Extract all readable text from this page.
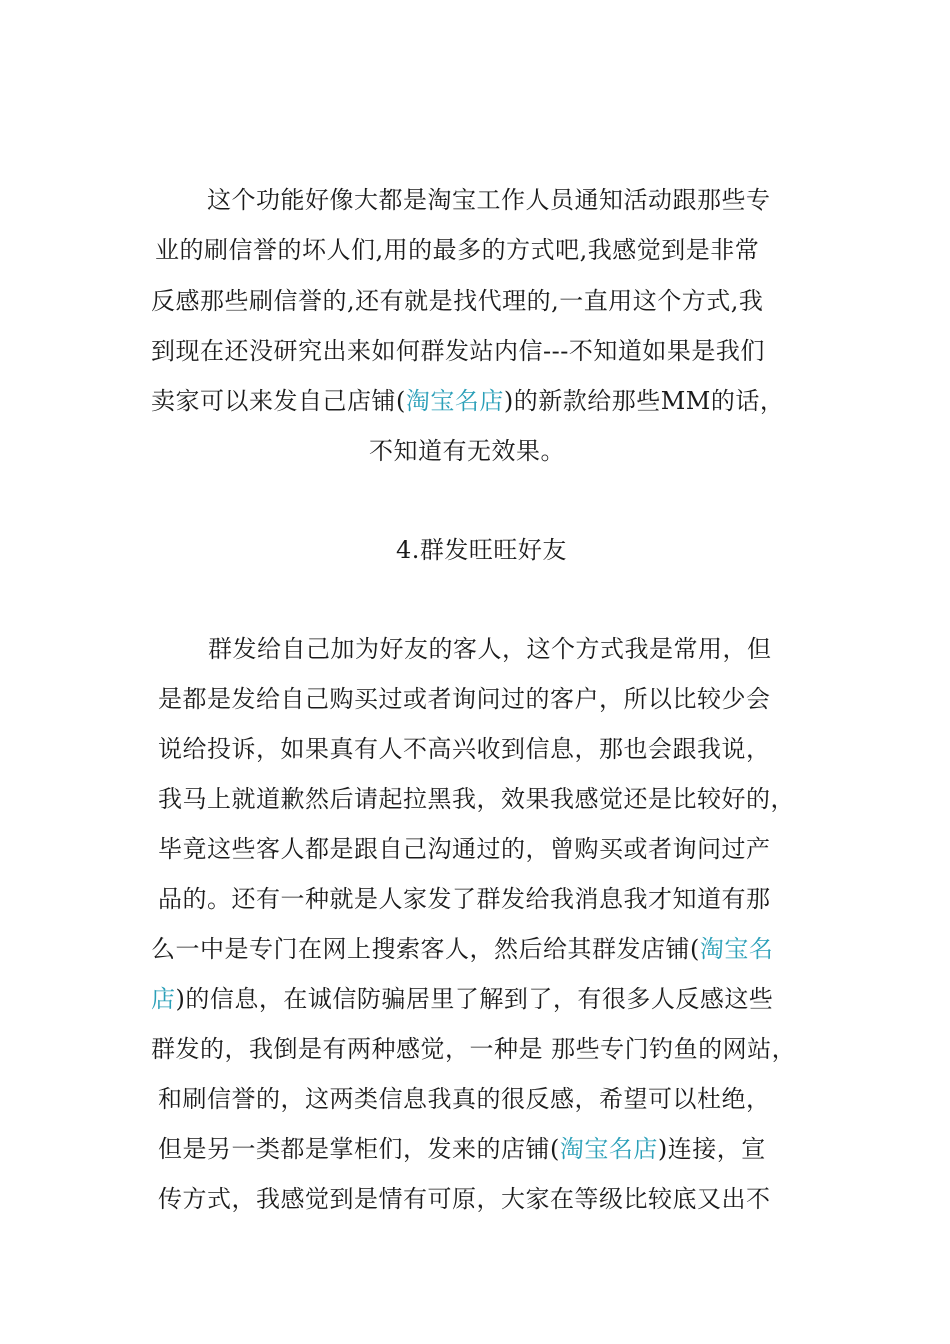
这个功能好像大都是淘宝工作人员通知活动跟那些专
业的刷信誉的坏人们,用的最多的方式吧,我感觉到是非常
反感那些刷信誉的,还有就是找代理的,一直用这个方式,我
到现在还没研究出来如何群发站内信---不知道如果是我们
卖家可以来发自己店铺(淘宝名店)的新款给那些MM的话，
不知道有无效果。
4.群发旺旺好友
群发给自己加为好友的客人，这个方式我是常用，但
是都是发给自己购买过或者询问过的客户，所以比较少会
说给投诉，如果真有人不高兴收到信息，那也会跟我说，
我马上就道歉然后请起拉黑我，效果我感觉还是比较好的，
毕竟这些客人都是跟自己沟通过的，曾购买或者询问过产
品的。还有一种就是人家发了群发给我消息我才知道有那
么一中是专门在网上搜索客人，然后给其群发店铺(淘宝名
店)的信息，在诚信防骗居里了解到了，有很多人反感这些
群发的，我倒是有两种感觉，一种是 那些专门钓鱼的网站，
和刷信誉的，这两类信息我真的很反感，希望可以杜绝，
但是另一类都是掌柜们，发来的店铺(淘宝名店)连接，宣
传方式，我感觉到是情有可原，大家在等级比较底又出不
